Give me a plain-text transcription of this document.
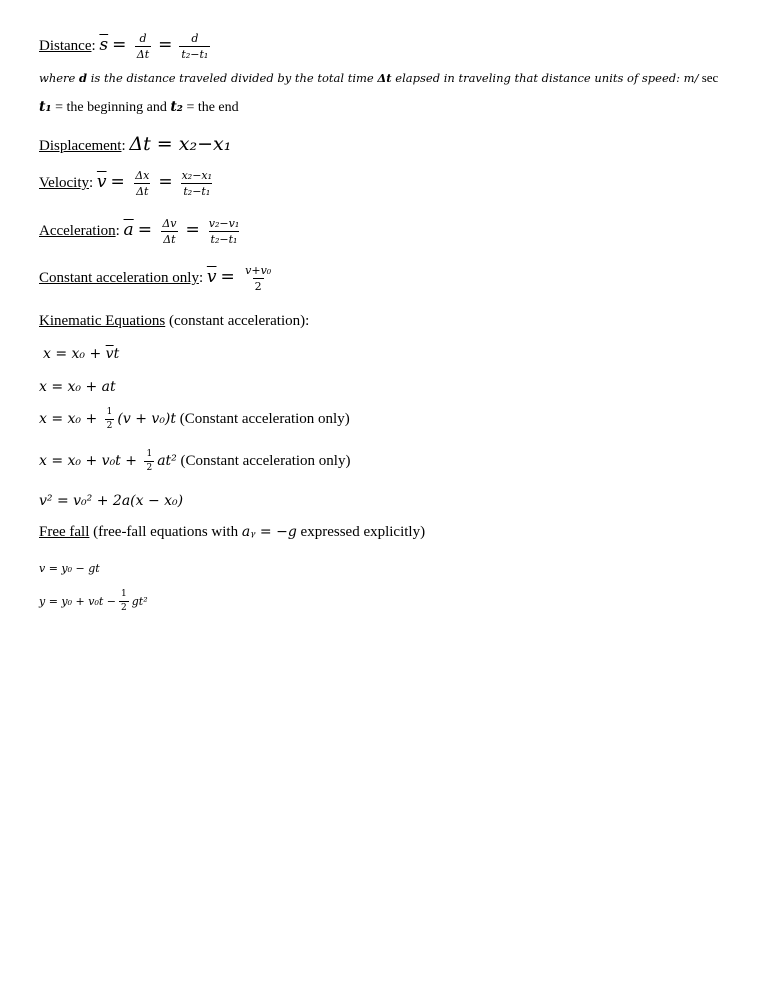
Distance: $\overline{s} = \frac{d}{\Delta t} = \frac{d}{\text{t₂−t₁}}$
where d is the distance traveled divided by the total time Δt elapsed in traveling that distance units of speed: m/ sec
t₁ = the beginning and t₂ = the end
Displacement: Δt = x₂−x₁
Velocity: $\overline{v} = \frac{\Delta x}{\Delta t} = \frac{\text{x₂−x₁}}{\text{t₂−t₁}}$
Acceleration: $\overline{a} = \frac{\Delta v}{\Delta t} = \frac{\text{v₂−v₁}}{\text{t₂−t₁}}$
Constant acceleration only: $\overline{v} = \frac{\text{v+v₀}}{2}$
Kinematic Equations (constant acceleration):
$x = x_0 + \overline{v}t$
x = x₀ + at
$x = x_0 + \frac{1}{2} (v + v_0)t$ (Constant acceleration only)
$x = x_0 + v_0t + \frac{1}{2} at^2$ (Constant acceleration only)
v² = v₀² + 2a(x − x₀)
Free fall (free-fall equations with aᵧ = −g expressed explicitly)
v = y₀ − gt
$y = y_0 + v_0t - \frac{1}{2} gt^2$
